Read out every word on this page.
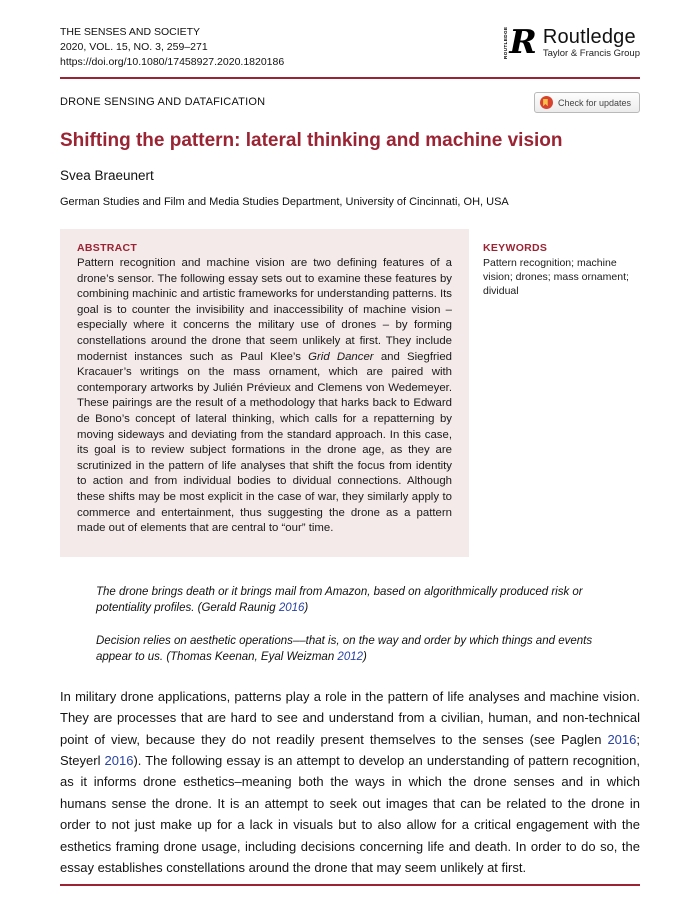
THE SENSES AND SOCIETY
2020, VOL. 15, NO. 3, 259–271
https://doi.org/10.1080/17458927.2020.1820186
ROUTLEDGE R Routledge
Taylor & Francis Group
DRONE SENSING AND DATAFICATION	Check for updates
Shifting the pattern: lateral thinking and machine vision
Svea Braeunert
German Studies and Film and Media Studies Department, University of Cincinnati, OH, USA
ABSTRACT
Pattern recognition and machine vision are two defining features of a drone’s sensor. The following essay sets out to examine these features by combining machinic and artistic frameworks for understanding patterns. Its goal is to counter the invisibility and inaccessibility of machine vision – especially where it concerns the military use of drones – by forming constellations around the drone that seem unlikely at first. They include modernist instances such as Paul Klee’s Grid Dancer and Siegfried Kracauer’s writings on the mass ornament, which are paired with contemporary artworks by Julién Prévieux and Clemens von Wedemeyer. These pairings are the result of a methodology that harks back to Edward de Bono’s concept of lateral thinking, which calls for a repatterning by moving sideways and deviating from the standard approach. In this case, its goal is to review subject formations in the drone age, as they are scrutinized in the pattern of life analyses that shift the focus from identity to action and from individual bodies to dividual connections. Although these shifts may be most explicit in the case of war, they similarly apply to commerce and entertainment, thus suggesting the drone as a pattern made out of elements that are central to “our” time.
KEYWORDS
Pattern recognition; machine vision; drones; mass ornament; dividual
The drone brings death or it brings mail from Amazon, based on algorithmically produced risk or potentiality profiles. (Gerald Raunig 2016)
Decision relies on aesthetic operations––that is, on the way and order by which things and events appear to us. (Thomas Keenan, Eyal Weizman 2012)

In military drone applications, patterns play a role in the pattern of life analyses and machine vision. They are processes that are hard to see and understand from a civilian, human, and non-technical point of view, because they do not readily present themselves to the senses (see Paglen 2016; Steyerl 2016). The following essay is an attempt to develop an understanding of pattern recognition, as it informs drone esthetics–meaning both the ways in which the drone senses and in which humans sense the drone. It is an attempt to seek out images that can be related to the drone in order to not just make up for a lack in visuals but to also allow for a critical engagement with the esthetics framing drone usage, including decisions concerning life and death. In order to do so, the essay establishes constellations around the drone that may seem unlikely at first.
